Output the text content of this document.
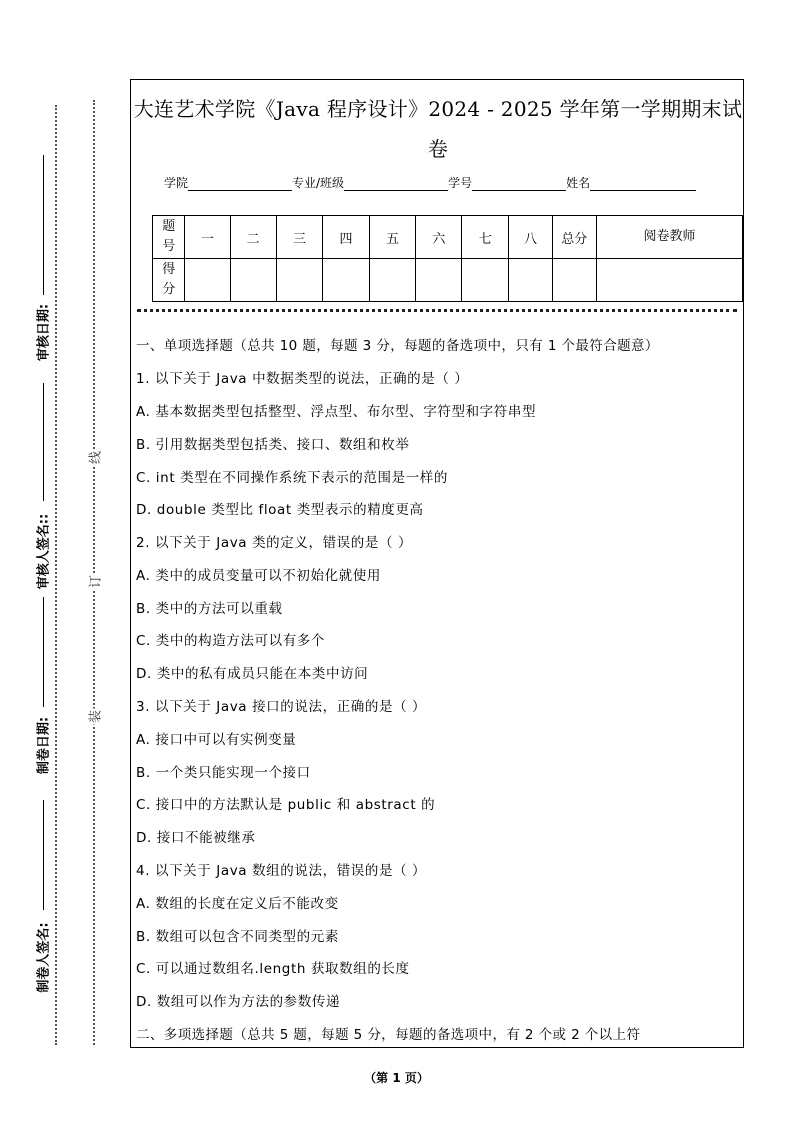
审核日期:
审核人签名::
制卷日期:
制卷人签名:
线
订
装
大连艺术学院《Java 程序设计》2024 - 2025 学年第一学期期末试
卷
学院	专业/班级	学号	姓名
题号	一	二	三	四	五	六	七	八	总分	阅卷教师
得分										
一、单项选择题（总共 10 题，每题 3 分，每题的备选项中，只有 1 个最符合题意）
1. 以下关于 Java 中数据类型的说法，正确的是（ ）
A. 基本数据类型包括整型、浮点型、布尔型、字符型和字符串型
B. 引用数据类型包括类、接口、数组和枚举
C. int 类型在不同操作系统下表示的范围是一样的
D. double 类型比 float 类型表示的精度更高
2. 以下关于 Java 类的定义，错误的是（ ）
A. 类中的成员变量可以不初始化就使用
B. 类中的方法可以重载
C. 类中的构造方法可以有多个
D. 类中的私有成员只能在本类中访问
3. 以下关于 Java 接口的说法，正确的是（ ）
A. 接口中可以有实例变量
B. 一个类只能实现一个接口
C. 接口中的方法默认是 public 和 abstract 的
D. 接口不能被继承
4. 以下关于 Java 数组的说法，错误的是（ ）
A. 数组的长度在定义后不能改变
B. 数组可以包含不同类型的元素
C. 可以通过数组名.length 获取数组的长度
D. 数组可以作为方法的参数传递
二、多项选择题（总共 5 题，每题 5 分，每题的备选项中，有 2 个或 2 个以上符
（第 1 页）
